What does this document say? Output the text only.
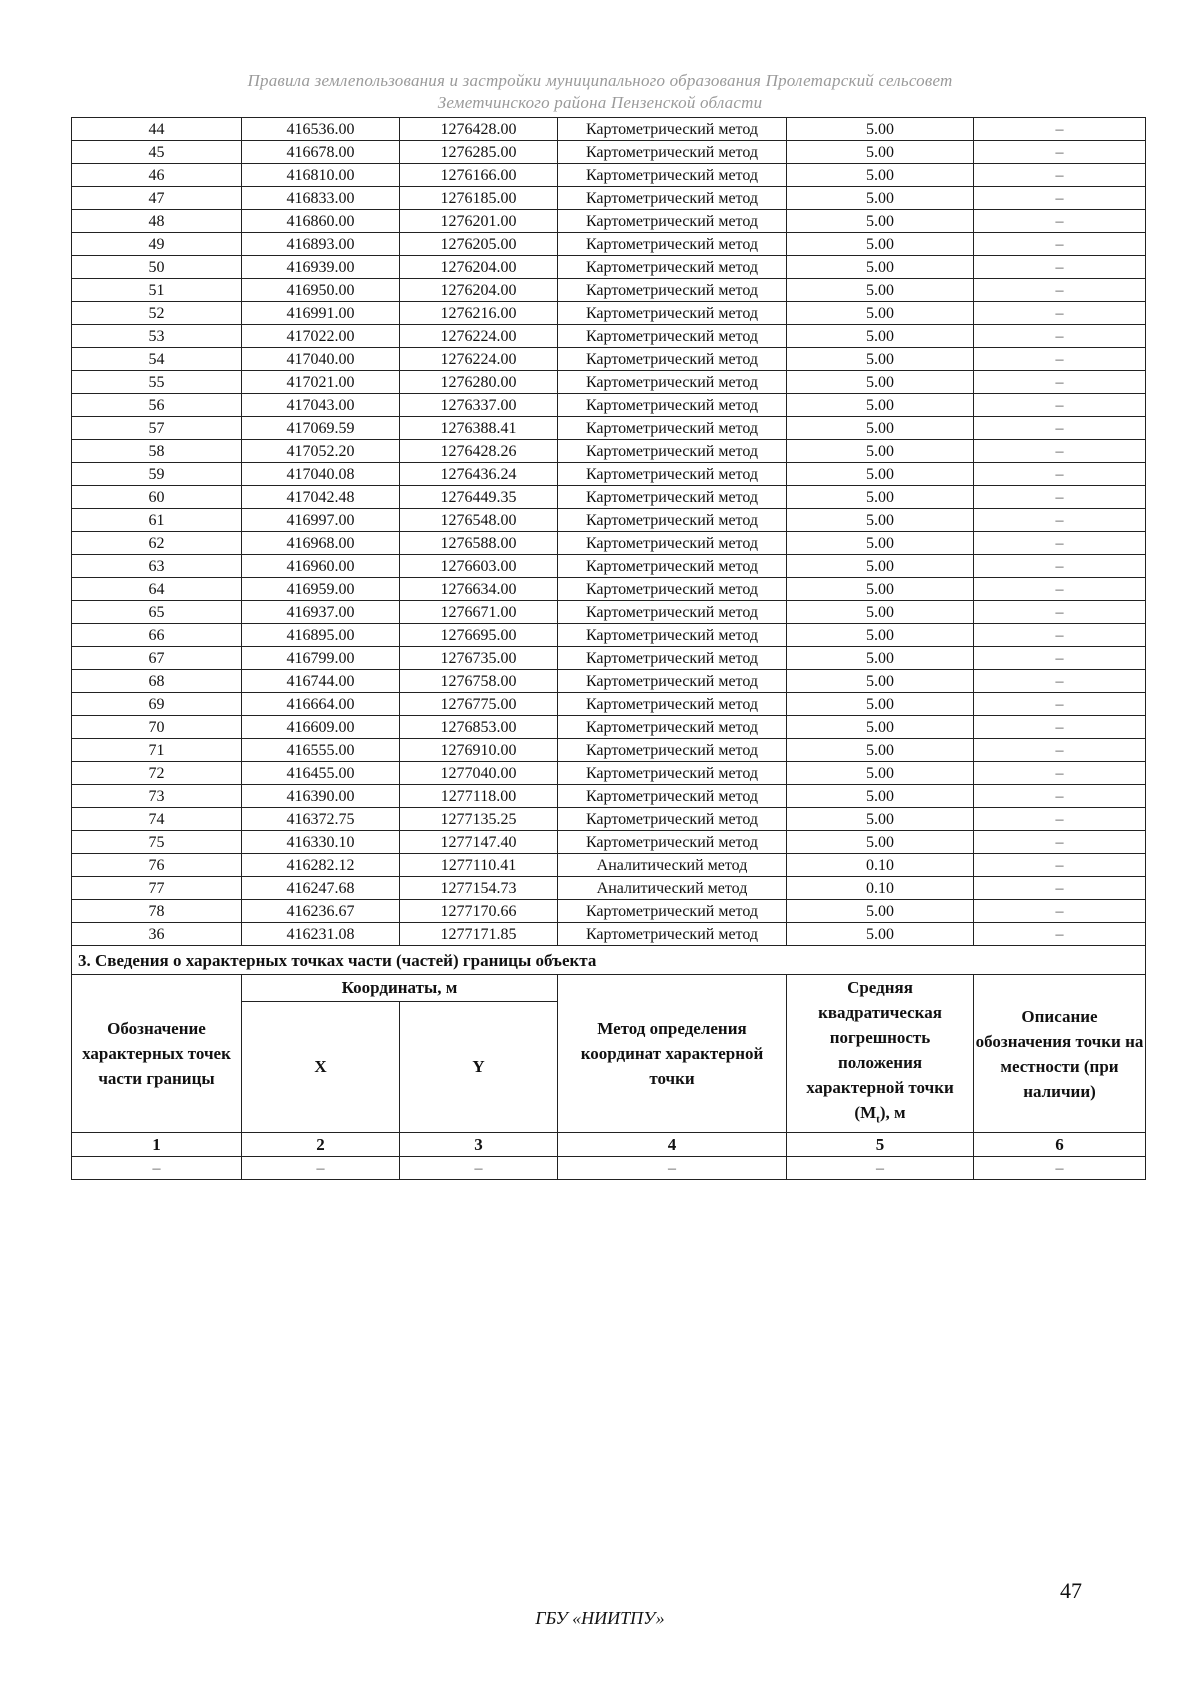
Правила землепользования и застройки муниципального образования Пролетарский сельсовет
Земетчинского района Пензенской области
44	416536.00	1276428.00	Картометрический метод	5.00	–
45	416678.00	1276285.00	Картометрический метод	5.00	–
46	416810.00	1276166.00	Картометрический метод	5.00	–
47	416833.00	1276185.00	Картометрический метод	5.00	–
48	416860.00	1276201.00	Картометрический метод	5.00	–
49	416893.00	1276205.00	Картометрический метод	5.00	–
50	416939.00	1276204.00	Картометрический метод	5.00	–
51	416950.00	1276204.00	Картометрический метод	5.00	–
52	416991.00	1276216.00	Картометрический метод	5.00	–
53	417022.00	1276224.00	Картометрический метод	5.00	–
54	417040.00	1276224.00	Картометрический метод	5.00	–
55	417021.00	1276280.00	Картометрический метод	5.00	–
56	417043.00	1276337.00	Картометрический метод	5.00	–
57	417069.59	1276388.41	Картометрический метод	5.00	–
58	417052.20	1276428.26	Картометрический метод	5.00	–
59	417040.08	1276436.24	Картометрический метод	5.00	–
60	417042.48	1276449.35	Картометрический метод	5.00	–
61	416997.00	1276548.00	Картометрический метод	5.00	–
62	416968.00	1276588.00	Картометрический метод	5.00	–
63	416960.00	1276603.00	Картометрический метод	5.00	–
64	416959.00	1276634.00	Картометрический метод	5.00	–
65	416937.00	1276671.00	Картометрический метод	5.00	–
66	416895.00	1276695.00	Картометрический метод	5.00	–
67	416799.00	1276735.00	Картометрический метод	5.00	–
68	416744.00	1276758.00	Картометрический метод	5.00	–
69	416664.00	1276775.00	Картометрический метод	5.00	–
70	416609.00	1276853.00	Картометрический метод	5.00	–
71	416555.00	1276910.00	Картометрический метод	5.00	–
72	416455.00	1277040.00	Картометрический метод	5.00	–
73	416390.00	1277118.00	Картометрический метод	5.00	–
74	416372.75	1277135.25	Картометрический метод	5.00	–
75	416330.10	1277147.40	Картометрический метод	5.00	–
76	416282.12	1277110.41	Аналитический метод	0.10	–
77	416247.68	1277154.73	Аналитический метод	0.10	–
78	416236.67	1277170.66	Картометрический метод	5.00	–
36	416231.08	1277171.85	Картометрический метод	5.00	–
3. Сведения о характерных точках части (частей) границы объекта					
Обозначение характерных точек части границы	Координаты, м		Метод определения координат характерной точки	Средняя квадратическая погрешность положения характерной точки $(M_t)$, м	Описание обозначения точки на местности (при наличии)
	X	Y			
1	2	3	4	5	6
–	–	–	–	–	–
47
ГБУ «НИИТПУ»
